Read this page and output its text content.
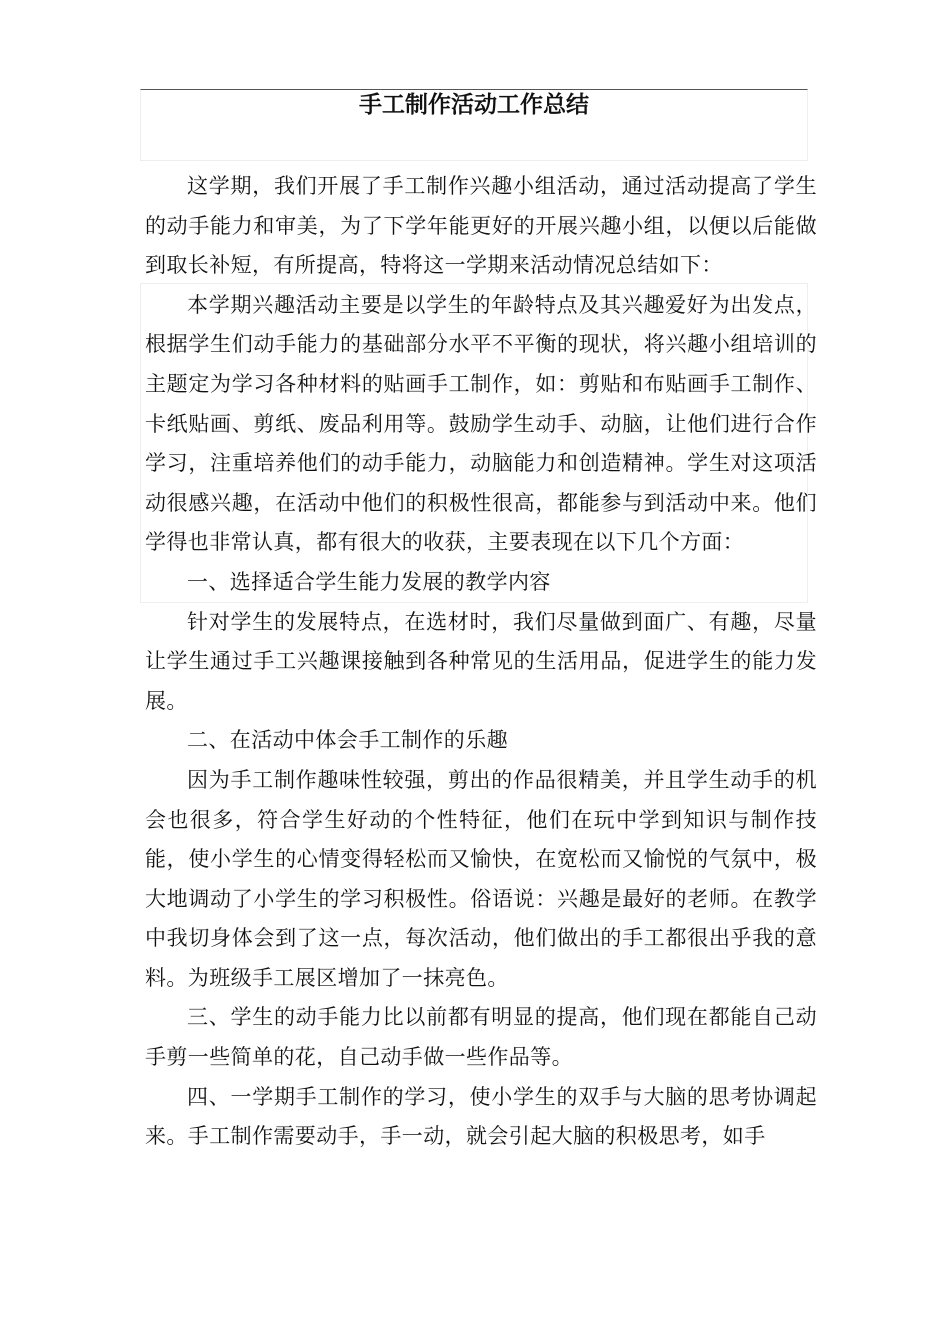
手工制作活动工作总结

这学期，我们开展了手工制作兴趣小组活动，通过活动提高了学生的动手能力和审美，为了下学年能更好的开展兴趣小组，以便以后能做到取长补短，有所提高，特将这一学期来活动情况总结如下：

本学期兴趣活动主要是以学生的年龄特点及其兴趣爱好为出发点，根据学生们动手能力的基础部分水平不平衡的现状，将兴趣小组培训的主题定为学习各种材料的贴画手工制作，如：剪贴和布贴画手工制作、卡纸贴画、剪纸、废品利用等。鼓励学生动手、动脑，让他们进行合作学习，注重培养他们的动手能力，动脑能力和创造精神。学生对这项活动很感兴趣，在活动中他们的积极性很高，都能参与到活动中来。他们学得也非常认真，都有很大的收获，主要表现在以下几个方面：

一、选择适合学生能力发展的教学内容

针对学生的发展特点，在选材时，我们尽量做到面广、有趣，尽量让学生通过手工兴趣课接触到各种常见的生活用品，促进学生的能力发展。

二、在活动中体会手工制作的乐趣

因为手工制作趣味性较强，剪出的作品很精美，并且学生动手的机会也很多，符合学生好动的个性特征，他们在玩中学到知识与制作技能，使小学生的心情变得轻松而又愉快，在宽松而又愉悦的气氛中，极大地调动了小学生的学习积极性。俗语说：兴趣是最好的老师。在教学中我切身体会到了这一点，每次活动，他们做出的手工都很出乎我的意料。为班级手工展区增加了一抹亮色。

三、学生的动手能力比以前都有明显的提高，他们现在都能自己动手剪一些简单的花，自己动手做一些作品等。

四、一学期手工制作的学习，使小学生的双手与大脑的思考协调起来。手工制作需要动手，手一动，就会引起大脑的积极思考，如手
